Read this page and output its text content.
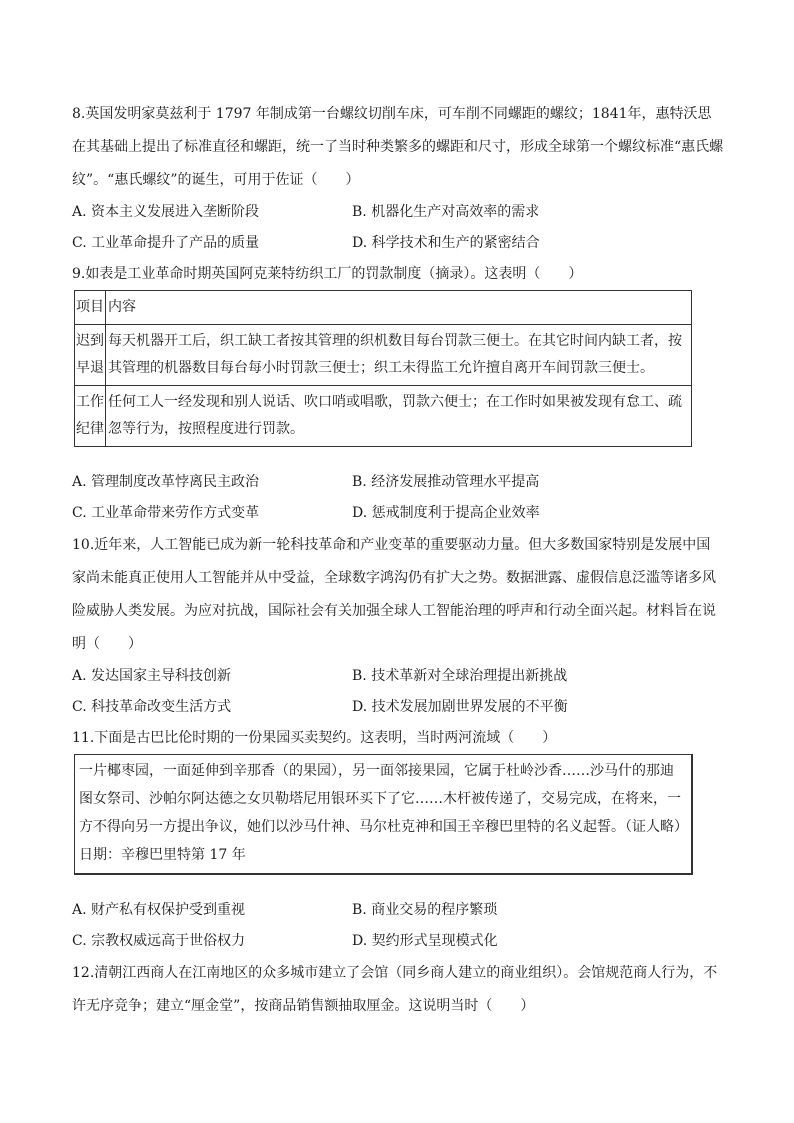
8.英国发明家莫兹利于 1797 年制成第一台螺纹切削车床，可车削不同螺距的螺纹；1841年，惠特沃思在其基础上提出了标准直径和螺距，统一了当时种类繁多的螺距和尺寸，形成全球第一个螺纹标准“惠氏螺纹”。“惠氏螺纹”的诞生，可用于佐证（　　）

A. 资本主义发展进入垄断阶段	B. 机器化生产对高效率的需求
C. 工业革命提升了产品的质量	D. 科学技术和生产的紧密结合

9.如表是工业革命时期英国阿克莱特纺织工厂的罚款制度（摘录）。这表明（　　）

项目	内容
迟到早退	每天机器开工后，织工缺工者按其管理的织机数目每台罚款三便士。在其它时间内缺工者，按其管理的机器数目每台每小时罚款三便士；织工未得监工允许擅自离开车间罚款三便士。
工作纪律	任何工人一经发现和别人说话、吹口哨或唱歌，罚款六便士；在工作时如果被发现有怠工、疏忽等行为，按照程度进行罚款。
A. 管理制度改革悖离民主政治	B. 经济发展推动管理水平提高
C. 工业革命带来劳作方式变革	D. 惩戒制度利于提高企业效率

10.近年来，人工智能已成为新一轮科技革命和产业变革的重要驱动力量。但大多数国家特别是发展中国家尚未能真正使用人工智能并从中受益，全球数字鸿沟仍有扩大之势。数据泄露、虚假信息泛滥等诸多风险威胁人类发展。为应对抗战，国际社会有关加强全球人工智能治理的呼声和行动全面兴起。材料旨在说明（　　）

A. 发达国家主导科技创新	B. 技术革新对全球治理提出新挑战
C. 科技革命改变生活方式	D. 技术发展加剧世界发展的不平衡

11.下面是古巴比伦时期的一份果园买卖契约。这表明，当时两河流域（　　）

一片椰枣园，一面延伸到辛那香（的果园），另一面邻接果园，它属于杜岭沙香……沙马什的那迪图女祭司、沙帕尔阿达德之女贝勒塔尼用银环买下了它……木杆被传递了，交易完成，在将来，一方不得向另一方提出争议，她们以沙马什神、马尔杜克神和国王辛穆巴里特的名义起誓。（证人略）日期：辛穆巴里特第 17 年
A. 财产私有权保护受到重视	B. 商业交易的程序繁琐
C. 宗教权威远高于世俗权力	D. 契约形式呈现模式化

12.清朝江西商人在江南地区的众多城市建立了会馆（同乡商人建立的商业组织）。会馆规范商人行为，不许无序竞争；建立“厘金堂”，按商品销售额抽取厘金。这说明当时（　　）
